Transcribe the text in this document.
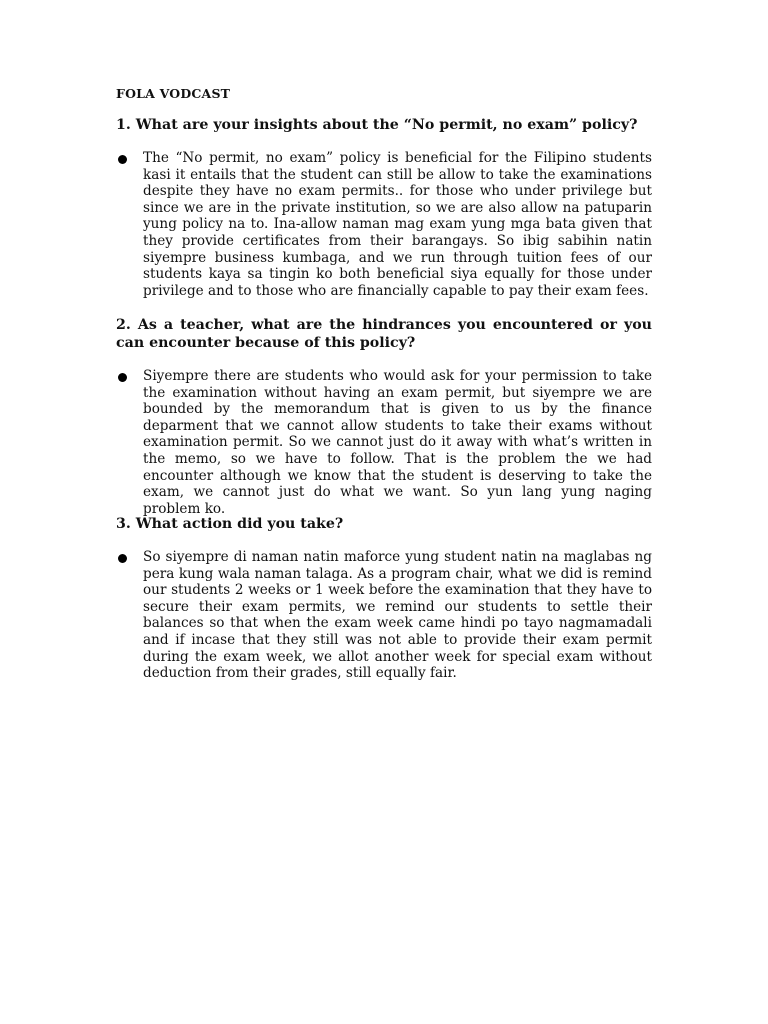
FOLA VODCAST

1. What are your insights about the “No permit, no exam” policy?

The “No permit, no exam” policy is beneficial for the Filipino students kasi it entails that the student can still be allow to take the examinations despite they have no exam permits.. for those who under privilege but since we are in the private institution, so we are also allow na patuparin yung policy na to. Ina-allow naman mag exam yung mga bata given that they provide certificates from their barangays. So ibig sabihin natin siyempre business kumbaga, and we run through tuition fees of our students kaya sa tingin ko both beneficial siya equally for those under privilege and to those who are financially capable to pay their exam fees.

2. As a teacher, what are the hindrances you encountered or you can encounter because of this policy?

Siyempre there are students who would ask for your permission to take the examination without having an exam permit, but siyempre we are bounded by the memorandum that is given to us by the finance deparment that we cannot allow students to take their exams without examination permit. So we cannot just do it away with what’s written in the memo, so we have to follow. That is the problem the we had encounter although we know that the student is deserving to take the exam, we cannot just do what we want. So yun lang yung naging problem ko.

3. What action did you take?

So siyempre di naman natin maforce yung student natin na maglabas ng pera kung wala naman talaga. As a program chair, what we did is remind our students 2 weeks or 1 week before the examination that they have to secure their exam permits, we remind our students to settle their balances so that when the exam week came hindi po tayo nagmamadali and if incase that they still was not able to provide their exam permit during the exam week, we allot another week for special exam without deduction from their grades, still equally fair.
